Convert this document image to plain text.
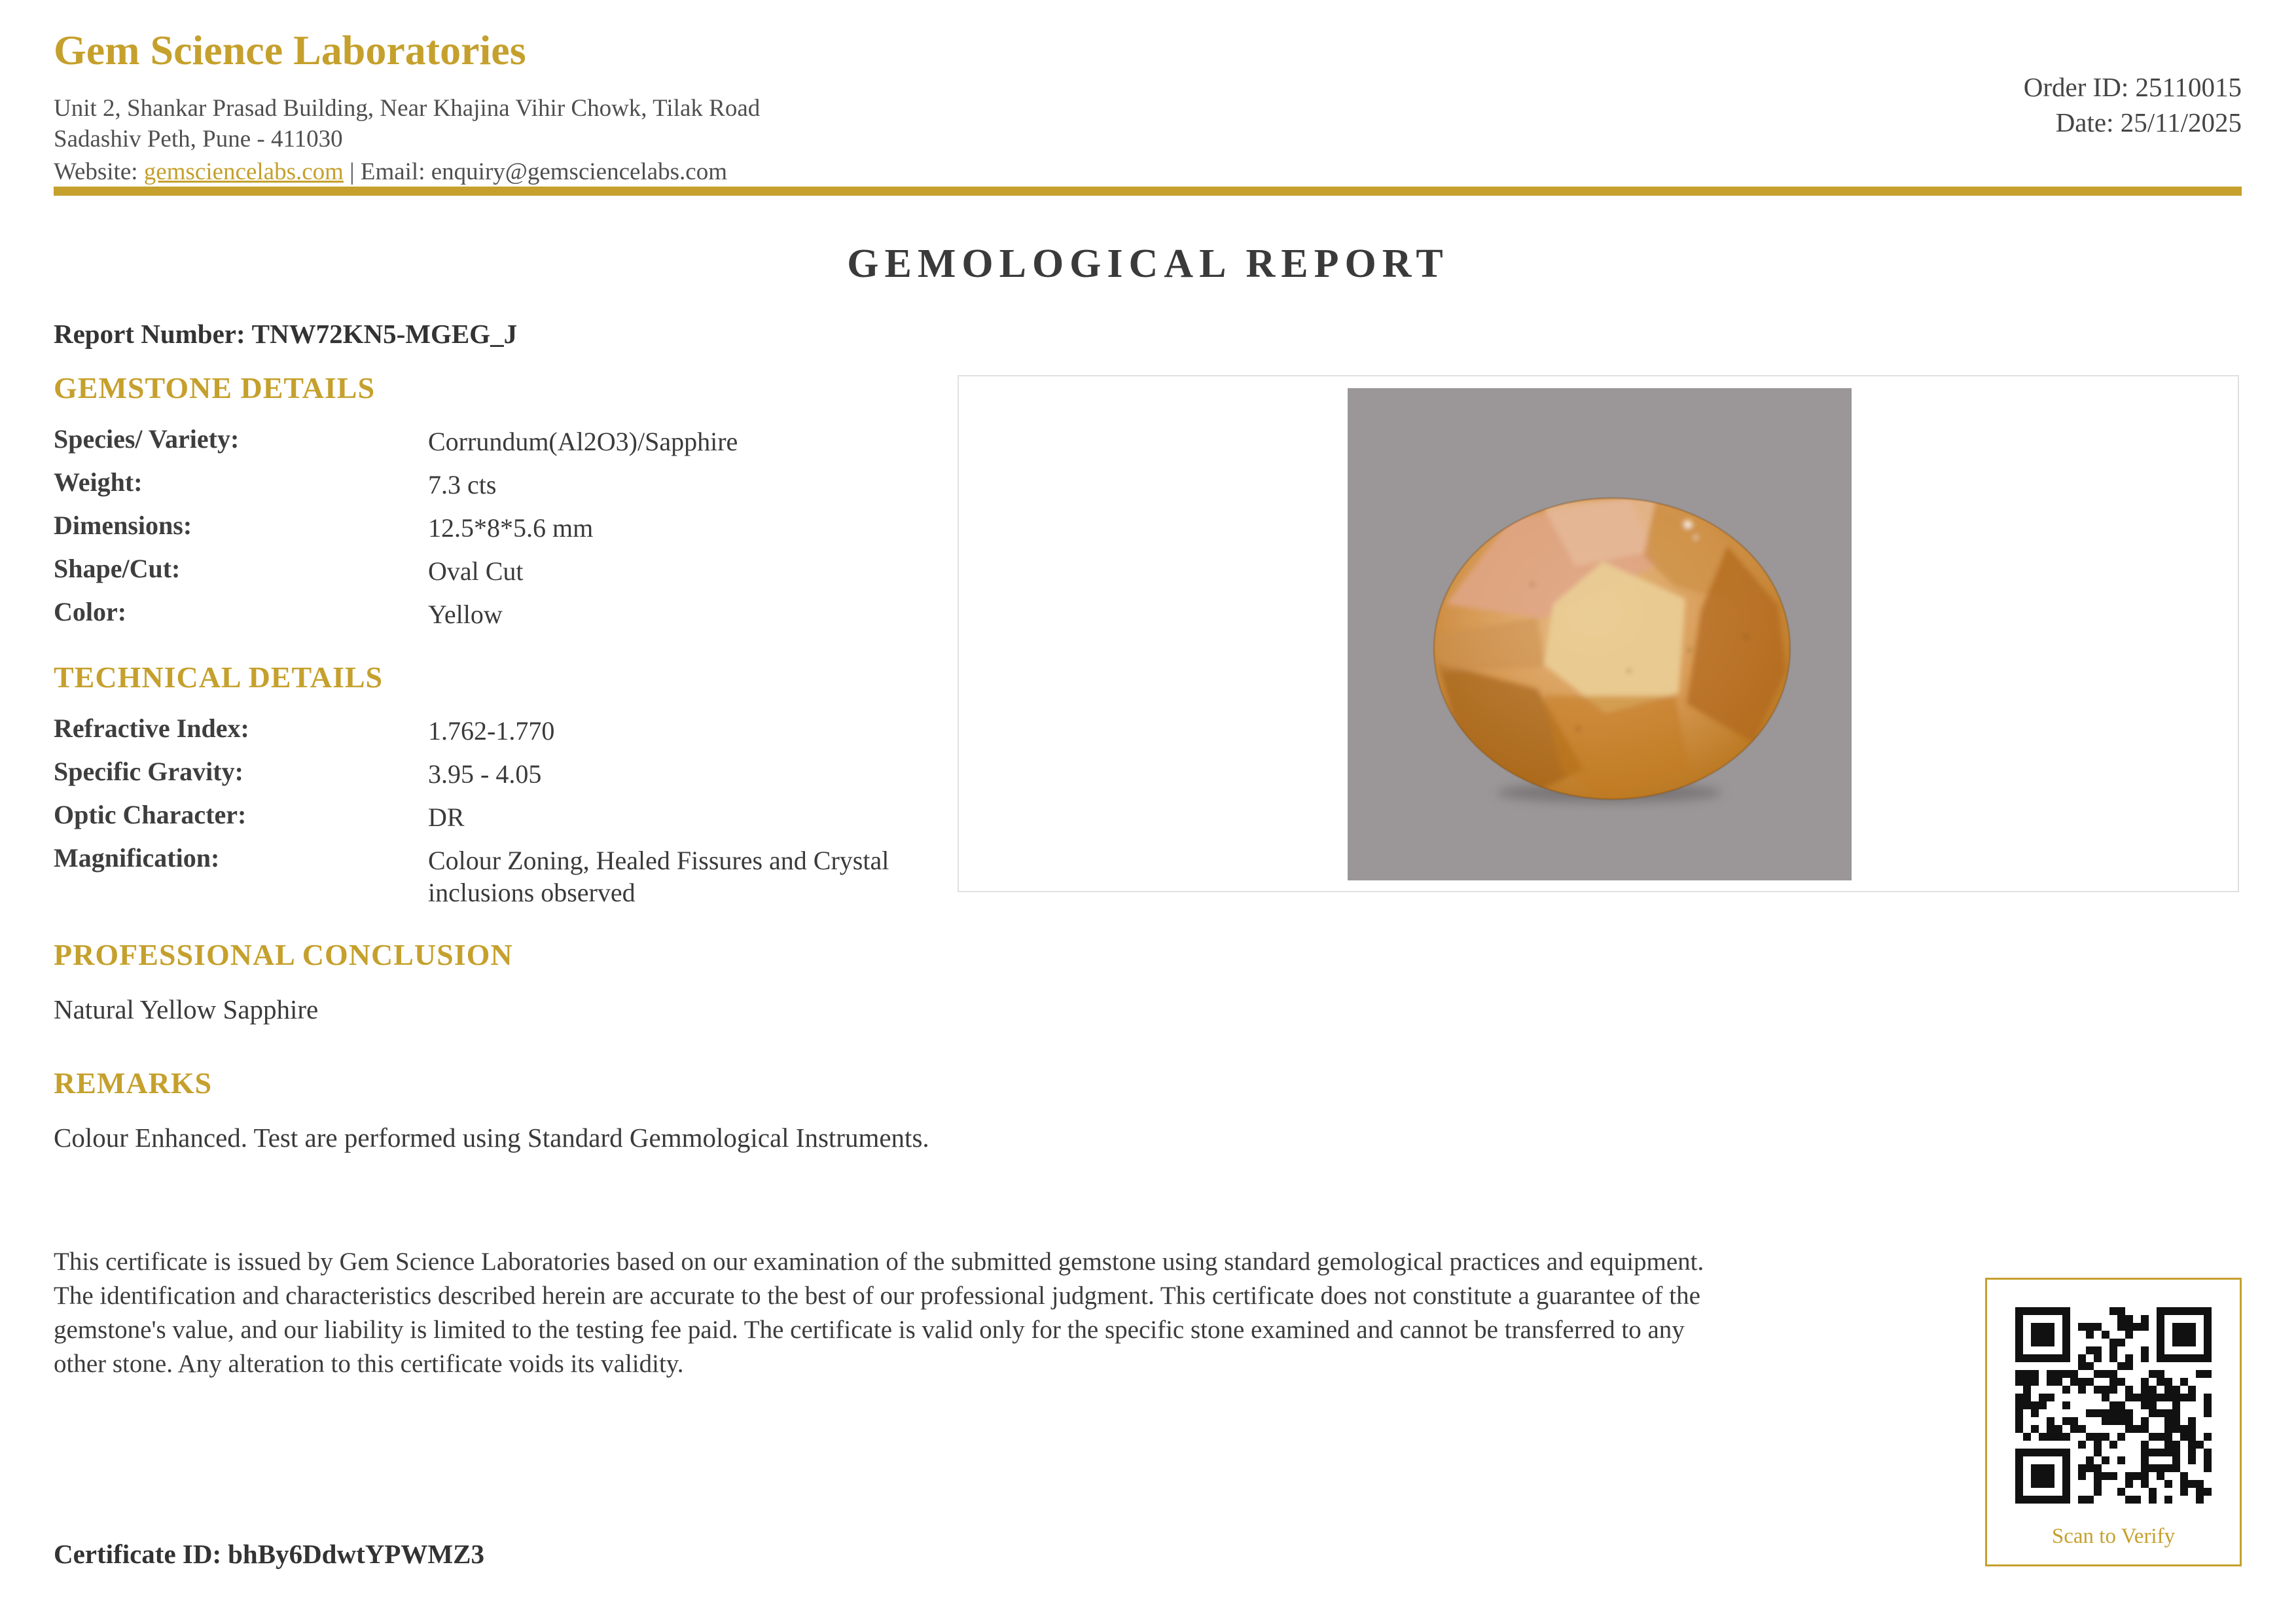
Gem Science Laboratories
Unit 2, Shankar Prasad Building, Near Khajina Vihir Chowk, Tilak Road
Sadashiv Peth, Pune - 411030
Website: gemsciencelabs.com | Email: enquiry@gemsciencelabs.com
Order ID: 25110015
Date: 25/11/2025
GEMOLOGICAL REPORT
Report Number: TNW72KN5-MGEG_J
GEMSTONE DETAILS
Species/ Variety:	Corrundum(Al2O3)/Sapphire
Weight:	7.3 cts
Dimensions:	12.5*8*5.6 mm
Shape/Cut:	Oval Cut
Color:	Yellow
TECHNICAL DETAILS
Refractive Index:	1.762-1.770
Specific Gravity:	3.95 - 4.05
Optic Character:	DR
Magnification:	Colour Zoning, Healed Fissures and Crystal inclusions observed
PROFESSIONAL CONCLUSION
Natural Yellow Sapphire
REMARKS
Colour Enhanced. Test are performed using Standard Gemmological Instruments.
This certificate is issued by Gem Science Laboratories based on our examination of the submitted gemstone using standard gemological practices and equipment. The identification and characteristics described herein are accurate to the best of our professional judgment. This certificate does not constitute a guarantee of the gemstone's value, and our liability is limited to the testing fee paid. The certificate is valid only for the specific stone examined and cannot be transferred to any other stone. Any alteration to this certificate voids its validity.
Scan to Verify
Certificate ID: bhBy6DdwtYPWMZ3
